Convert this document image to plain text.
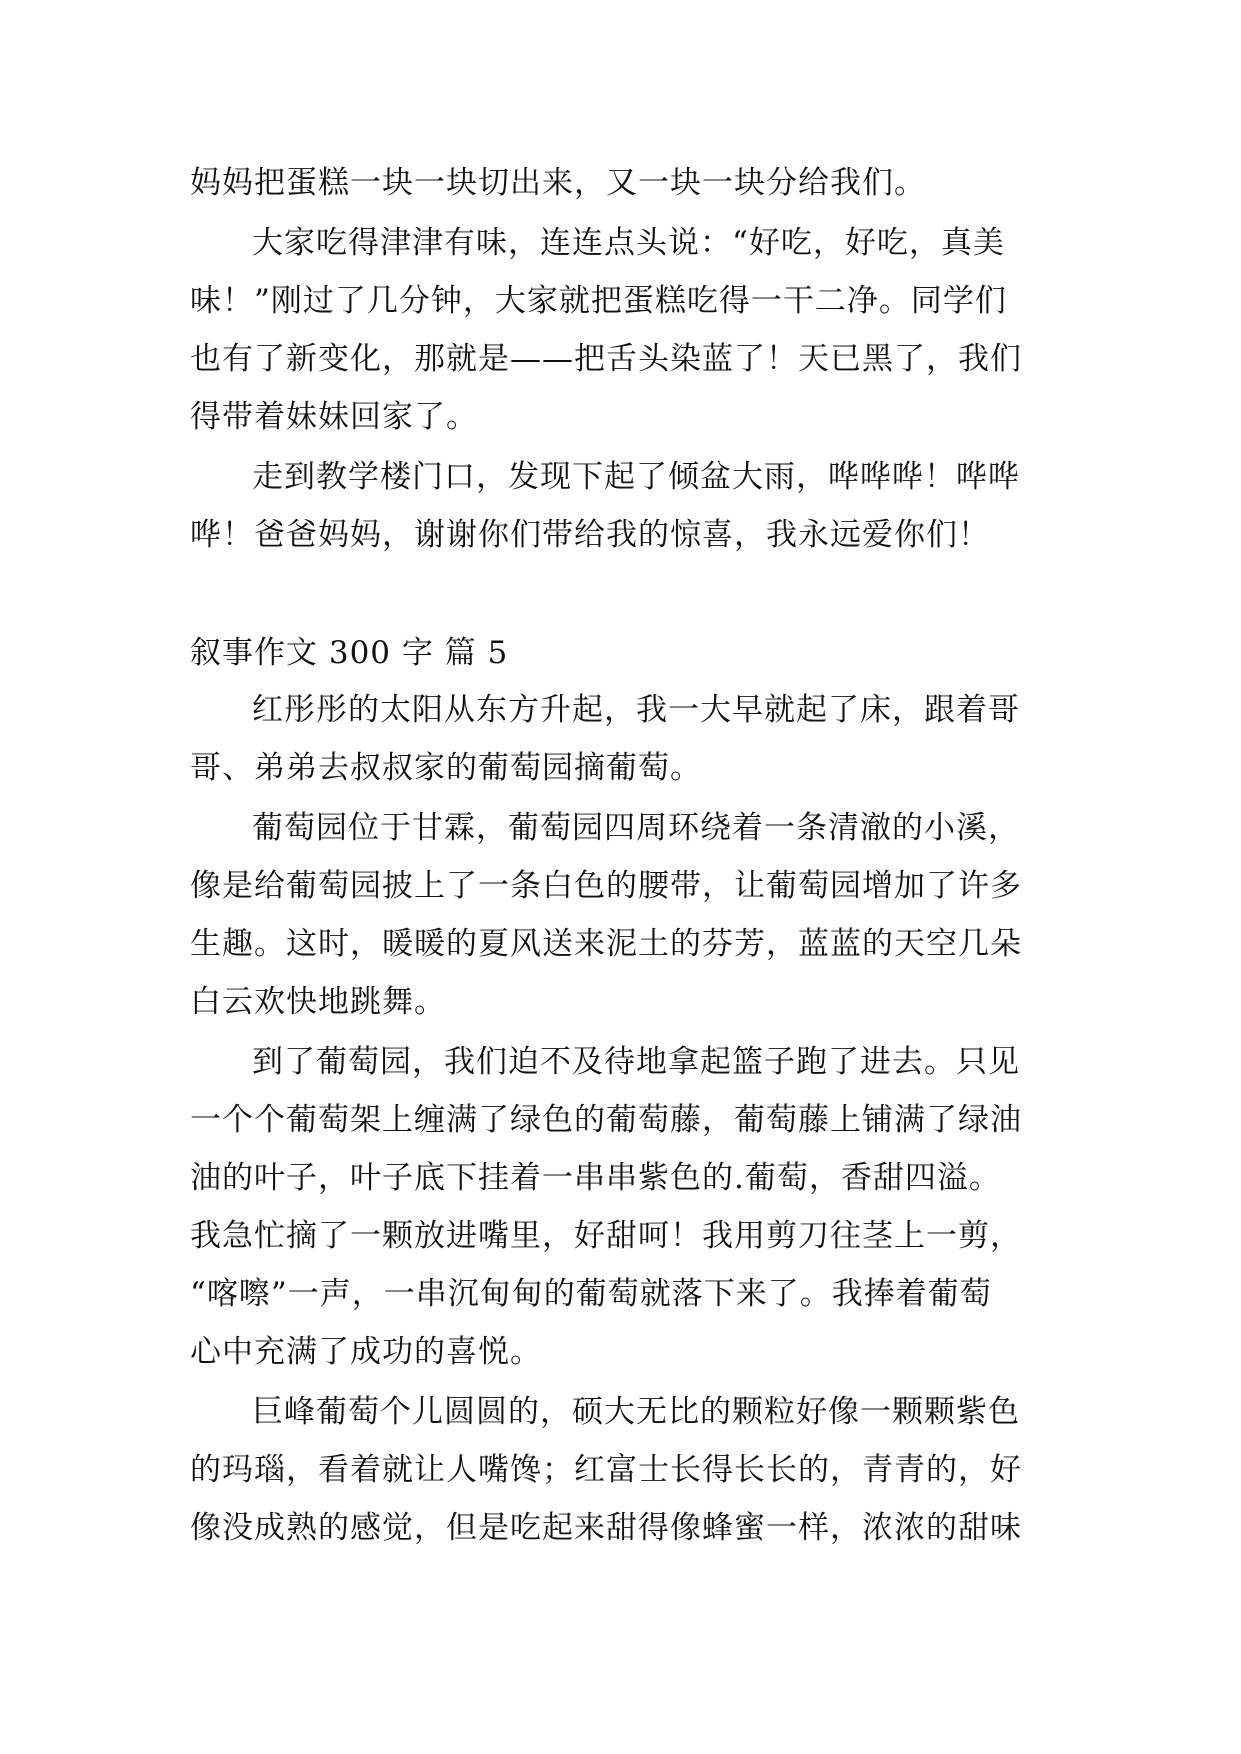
妈妈把蛋糕一块一块切出来，又一块一块分给我们。
大家吃得津津有味，连连点头说：“好吃，好吃，真美
味！”刚过了几分钟，大家就把蛋糕吃得一干二净。同学们
也有了新变化，那就是——把舌头染蓝了！天已黑了，我们
得带着妹妹回家了。
走到教学楼门口，发现下起了倾盆大雨，哗哗哗！哗哗
哗！爸爸妈妈，谢谢你们带给我的惊喜，我永远爱你们！
叙事作文 300 字 篇 5
红彤彤的太阳从东方升起，我一大早就起了床，跟着哥
哥、弟弟去叔叔家的葡萄园摘葡萄。
葡萄园位于甘霖，葡萄园四周环绕着一条清澈的小溪，
像是给葡萄园披上了一条白色的腰带，让葡萄园增加了许多
生趣。这时，暖暖的夏风送来泥土的芬芳，蓝蓝的天空几朵
白云欢快地跳舞。
到了葡萄园，我们迫不及待地拿起篮子跑了进去。只见
一个个葡萄架上缠满了绿色的葡萄藤，葡萄藤上铺满了绿油
油的叶子，叶子底下挂着一串串紫色的.葡萄，香甜四溢。
我急忙摘了一颗放进嘴里，好甜呵！我用剪刀往茎上一剪，
“喀嚓”一声，一串沉甸甸的葡萄就落下来了。我捧着葡萄
心中充满了成功的喜悦。
巨峰葡萄个儿圆圆的，硕大无比的颗粒好像一颗颗紫色
的玛瑙，看着就让人嘴馋；红富士长得长长的，青青的，好
像没成熟的感觉，但是吃起来甜得像蜂蜜一样，浓浓的甜味
